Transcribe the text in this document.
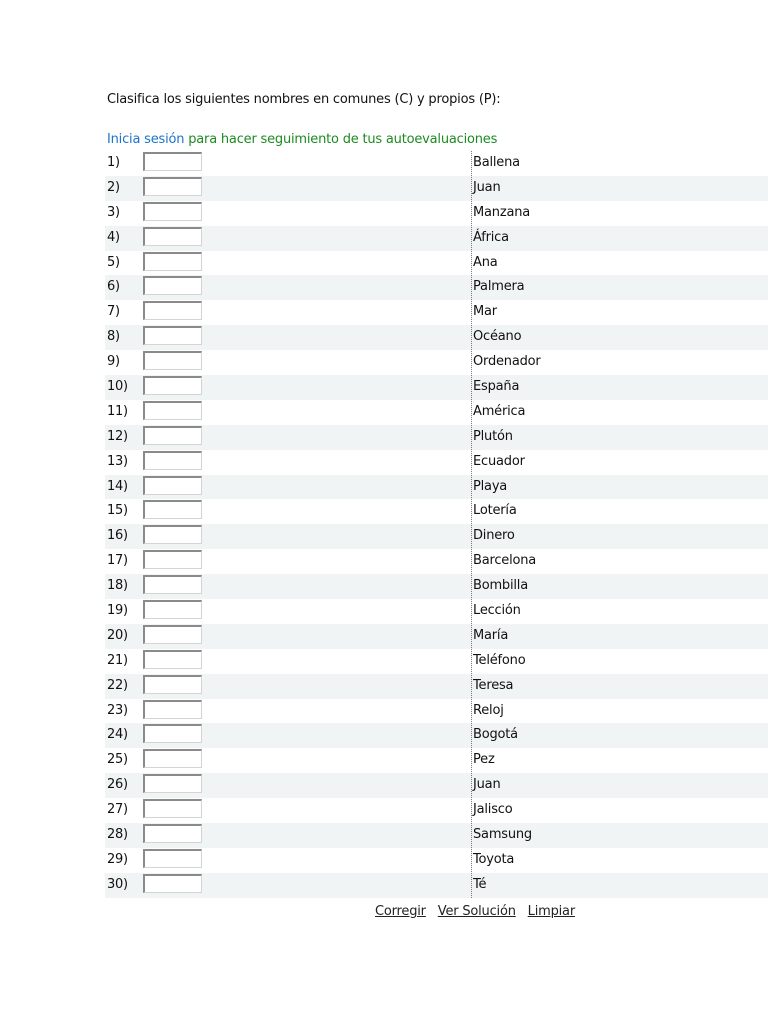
Clasifica los siguientes nombres en comunes (C) y propios (P):
Inicia sesión para hacer seguimiento de tus autoevaluaciones
1)	Ballena
2)	Juan
3)	Manzana
4)	África
5)	Ana
6)	Palmera
7)	Mar
8)	Océano
9)	Ordenador
10)	España
11)	América
12)	Plutón
13)	Ecuador
14)	Playa
15)	Lotería
16)	Dinero
17)	Barcelona
18)	Bombilla
19)	Lección
20)	María
21)	Teléfono
22)	Teresa
23)	Reloj
24)	Bogotá
25)	Pez
26)	Juan
27)	Jalisco
28)	Samsung
29)	Toyota
30)	Té
Corregir Ver Solución Limpiar
